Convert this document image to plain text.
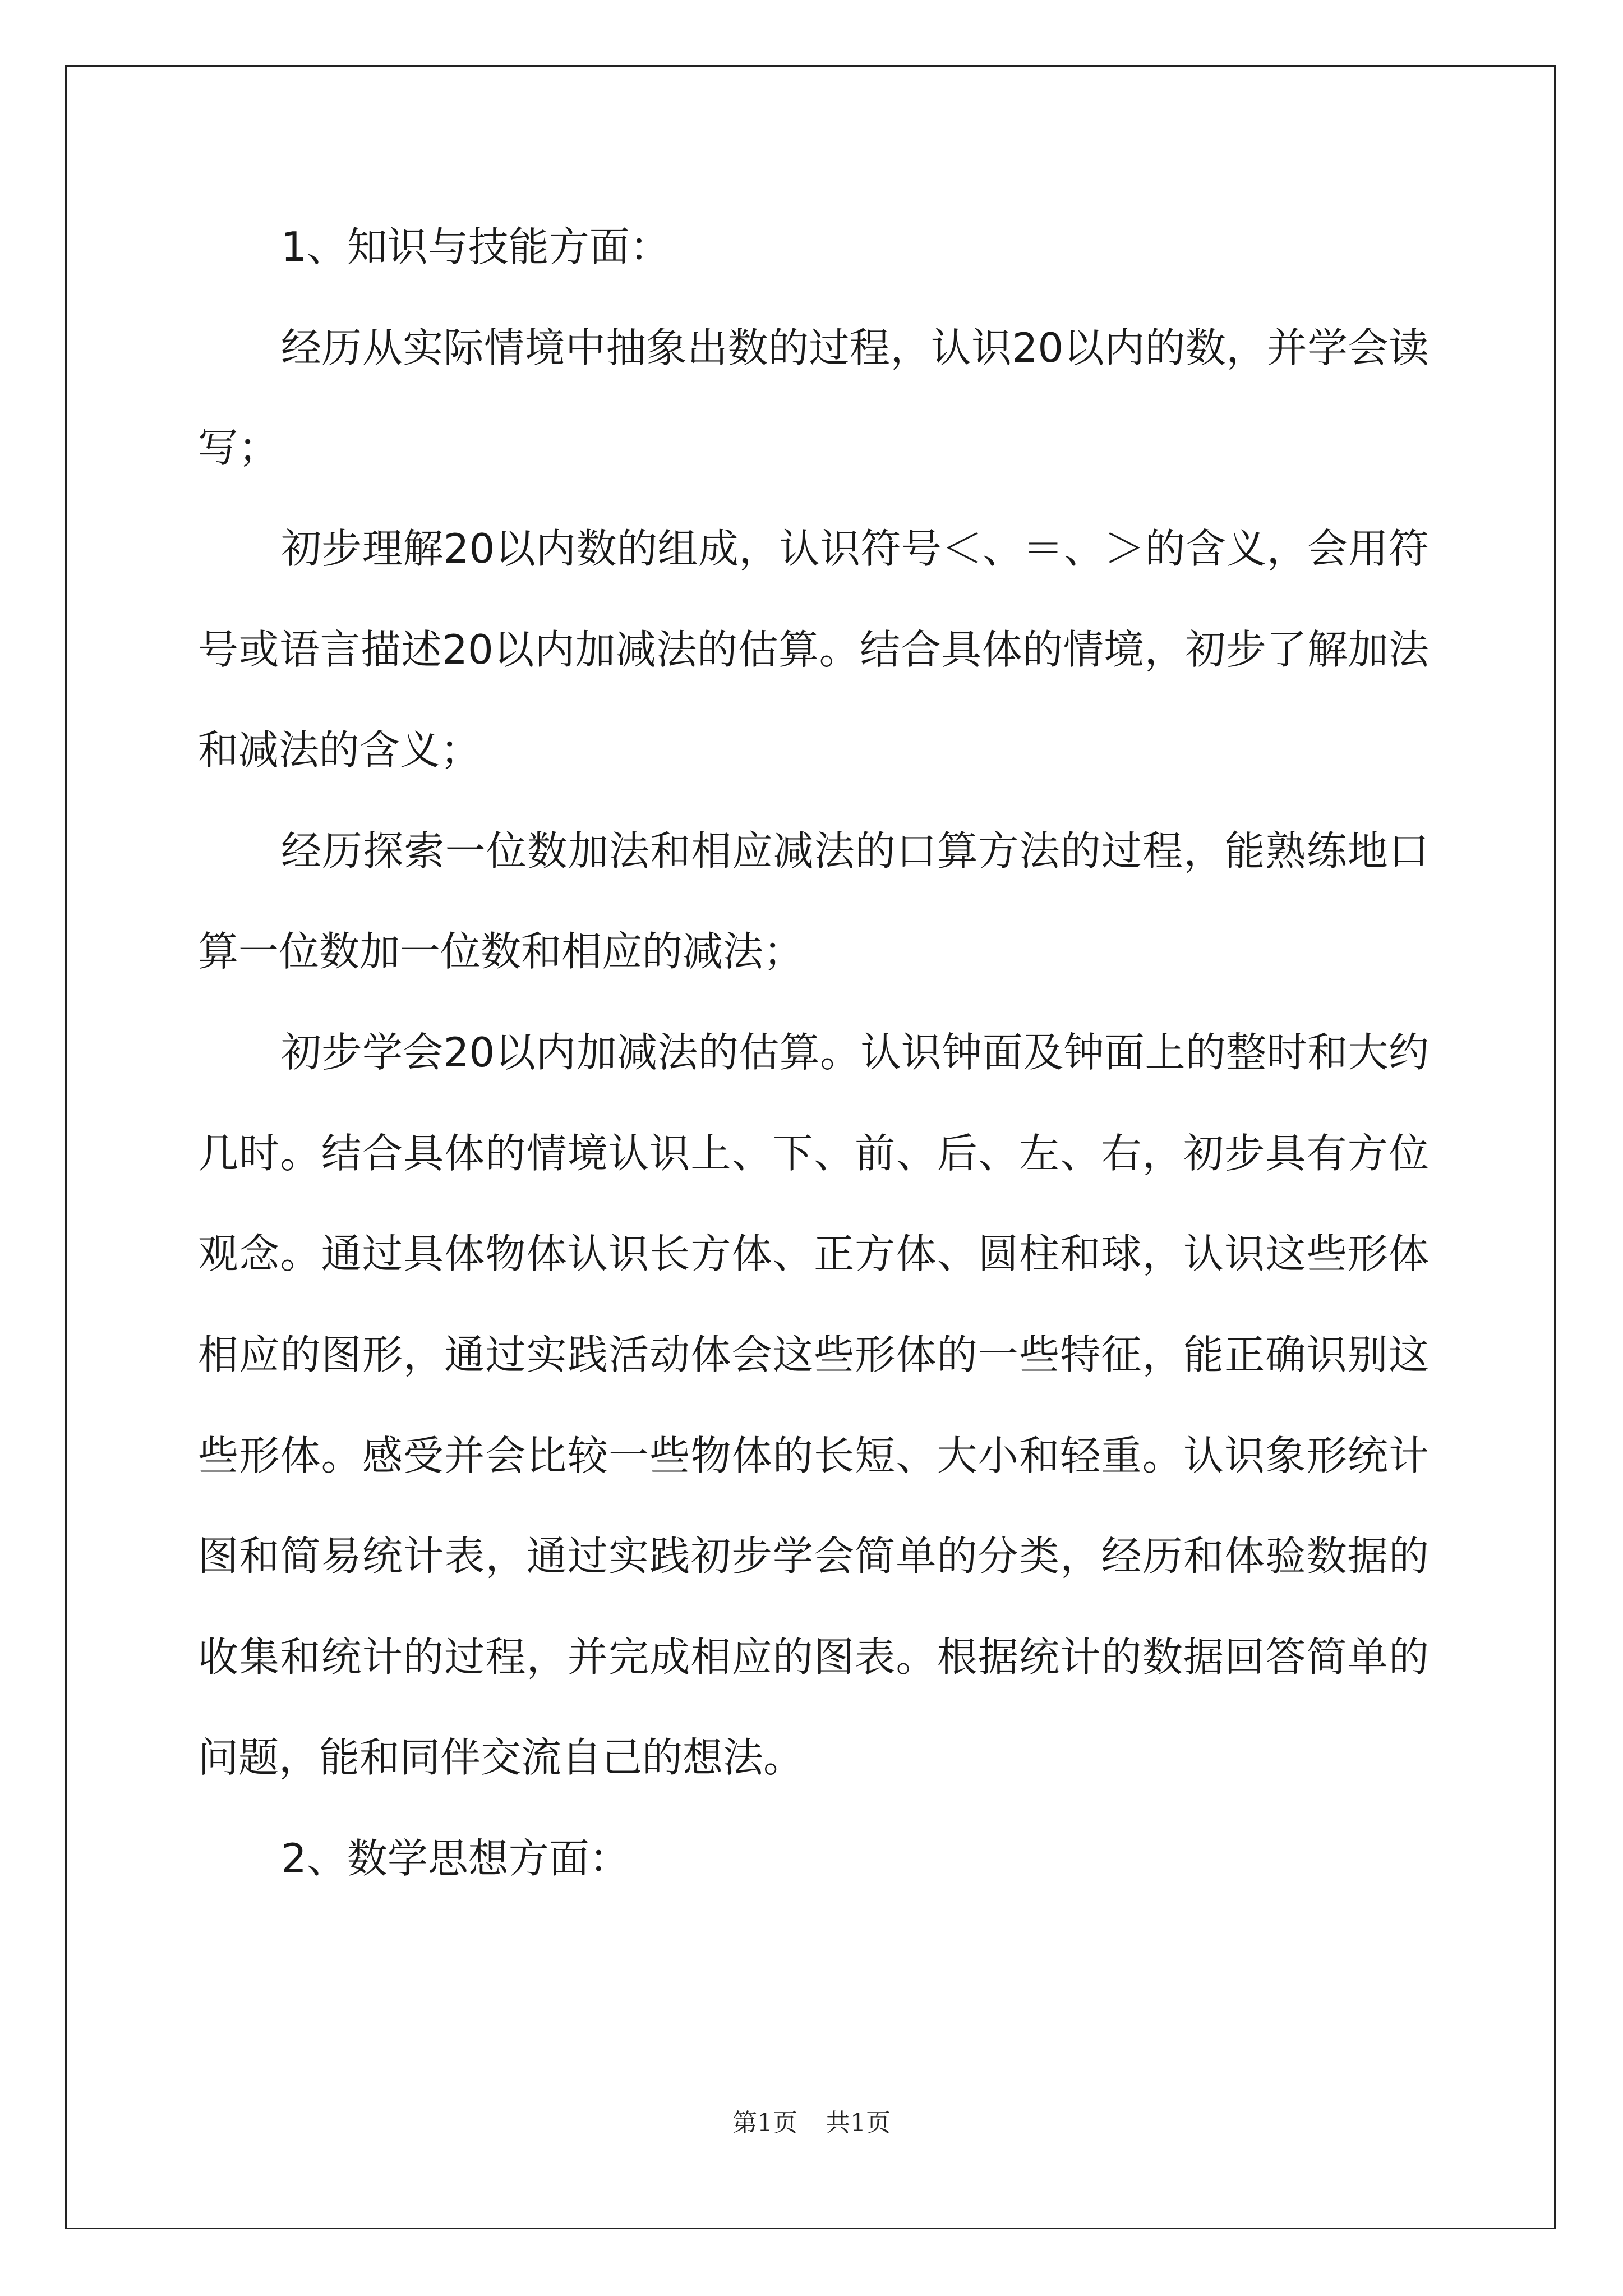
1、知识与技能方面：
经历从实际情境中抽象出数的过程，认识20以内的数，并学会读
写；
初步理解20以内数的组成，认识符号＜、＝、＞的含义，会用符
号或语言描述20以内加减法的估算。结合具体的情境，初步了解加法
和减法的含义；
经历探索一位数加法和相应减法的口算方法的过程，能熟练地口
算一位数加一位数和相应的减法；
初步学会20以内加减法的估算。认识钟面及钟面上的整时和大约
几时。结合具体的情境认识上、下、前、后、左、右，初步具有方位
观念。通过具体物体认识长方体、正方体、圆柱和球，认识这些形体
相应的图形，通过实践活动体会这些形体的一些特征，能正确识别这
些形体。感受并会比较一些物体的长短、大小和轻重。认识象形统计
图和简易统计表，通过实践初步学会简单的分类，经历和体验数据的
收集和统计的过程，并完成相应的图表。根据统计的数据回答简单的
问题，能和同伴交流自己的想法。
2、数学思想方面：
第1页 共1页
